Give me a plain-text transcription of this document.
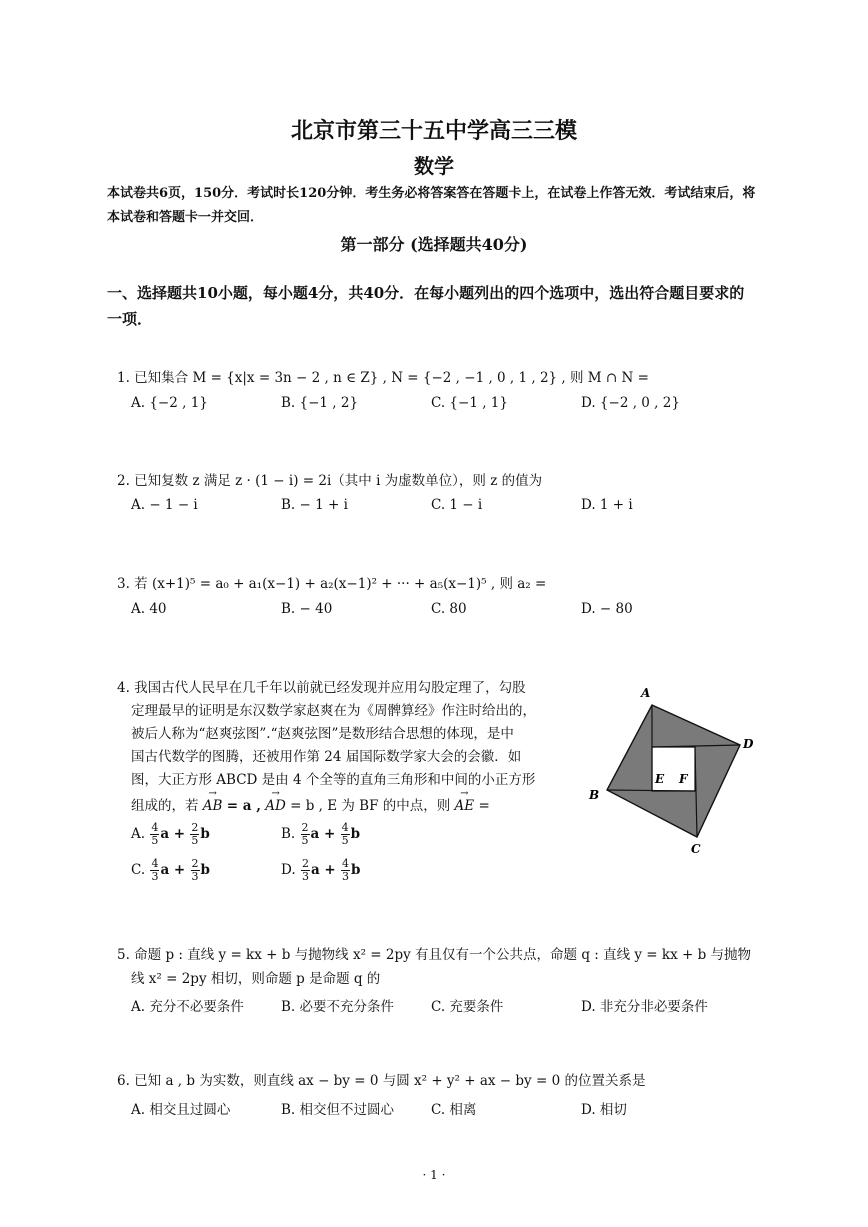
北京市第三十五中学高三三模
数学
本试卷共6页，150分．考试时长120分钟．考生务必将答案答在答题卡上，在试卷上作答无效．考试结束后，将本试卷和答题卡一并交回．
第一部分 (选择题共40分)
一、选择题共10小题，每小题4分，共40分．在每小题列出的四个选项中，选出符合题目要求的一项．
1. 已知集合 M = {x|x = 3n − 2 , n ∈ Z} , N = {−2 , −1 , 0 , 1 , 2} , 则 M ∩ N =
A. {−2 , 1}	B. {−1 , 2}	C. {−1 , 1}	D. {−2 , 0 , 2}
2. 已知复数 z 满足 z · (1 − i) = 2i（其中 i 为虚数单位），则 z 的值为
A. − 1 − i	B. − 1 + i	C. 1 − i	D. 1 + i
3. 若 (x+1)⁵ = a₀ + a₁(x−1) + a₂(x−1)² + ··· + a₅(x−1)⁵ , 则 a₂ =
A. 40	B. − 40	C. 80	D. − 80
4. 我国古代人民早在几千年以前就已经发现并应用勾股定理了，勾股
定理最早的证明是东汉数学家赵爽在为《周髀算经》作注时给出的，
被后人称为“赵爽弦图”.“赵爽弦图”是数形结合思想的体现，是中
国古代数学的图腾，还被用作第 24 届国际数学家大会的会徽．如
图，大正方形 ABCD 是由 4 个全等的直角三角形和中间的小正方形
组成的，若 → AB = a , → AD = b , E 为 BF 的中点，则 → AE =
A. $\frac{4}{5}$ $a + \frac{2}{5}$ b	B. $\frac{2}{5}$ $a + \frac{4}{5}$ b
C. $\frac{4}{3}$ $a + \frac{2}{3}$ b	D. $\frac{2}{3}$ $a + \frac{4}{3}$ b
A
D
C
B
E F
5. 命题 p : 直线 y = kx + b 与抛物线 x² = 2py 有且仅有一个公共点，命题 q : 直线 y = kx + b 与抛物
线 x² = 2py 相切，则命题 p 是命题 q 的
A. 充分不必要条件	B. 必要不充分条件	C. 充要条件	D. 非充分非必要条件
6. 已知 a , b 为实数，则直线 ax − by = 0 与圆 x² + y² + ax − by = 0 的位置关系是
A. 相交且过圆心	B. 相交但不过圆心	C. 相离	D. 相切
· 1 ·
